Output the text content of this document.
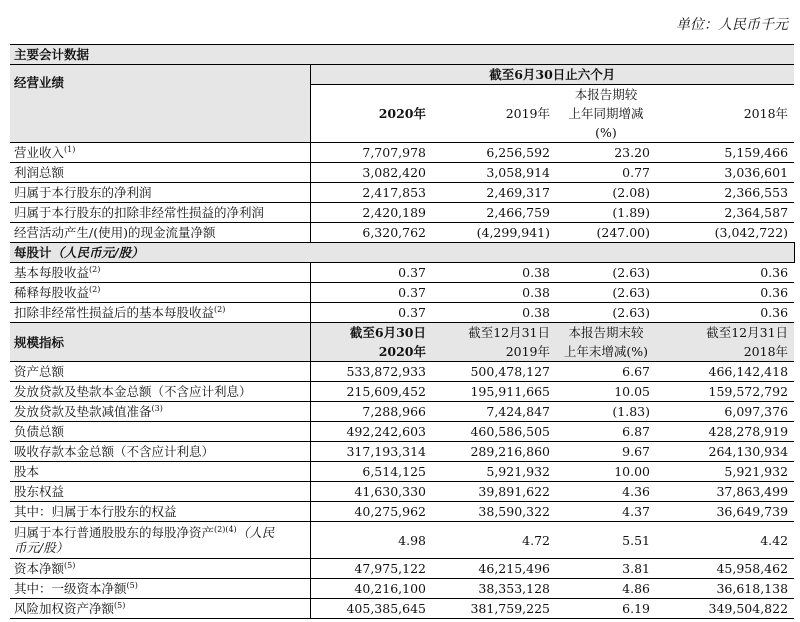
单位：人民币千元
主要会计数据				
经营业绩	截至6月30日止六个月			
			本报告期较	
	2020年	2019年	上年同期增减	2018年
			(%)	
营业收入$^{(1)}$	7,707,978	6,256,592	23.20	5,159,466
利润总额	3,082,420	3,058,914	0.77	3,036,601
归属于本行股东的净利润	2,417,853	2,469,317	(2.08)	2,366,553
归属于本行股东的扣除非经常性损益的净利润	2,420,189	2,466,759	(1.89)	2,364,587
经营活动产生/(使用)的现金流量净额	6,320,762	(4,299,941)	(247.00)	(3,042,722)
每股计（人民币元/股）				
基本每股收益$^{(2)}$	0.37	0.38	(2.63)	0.36
稀释每股收益$^{(2)}$	0.37	0.38	(2.63)	0.36
扣除非经常性损益后的基本每股收益$^{(2)}$	0.37	0.38	(2.63)	0.36
规模指标	截至6月30日	截至12月31日	本报告期末较	截至12月31日
	2020年	2019年	上年末增减(%)	2018年
资产总额	533,872,933	500,478,127	6.67	466,142,418
发放贷款及垫款本金总额（不含应计利息）	215,609,452	195,911,665	10.05	159,572,792
发放贷款及垫款减值准备$^{(3)}$	7,288,966	7,424,847	(1.83)	6,097,376
负债总额	492,242,603	460,586,505	6.87	428,278,919
吸收存款本金总额（不含应计利息）	317,193,314	289,216,860	9.67	264,130,934
股本	6,514,125	5,921,932	10.00	5,921,932
股东权益	41,630,330	39,891,622	4.36	37,863,499
其中：归属于本行股东的权益	40,275,962	38,590,322	4.37	36,649,739
归属于本行普通股股东的每股净资产$^{(2)(4)}$（人民
币元/股）	4.98	4.72	5.51	4.42
资本净额$^{(5)}$	47,975,122	46,215,496	3.81	45,958,462
其中：一级资本净额$^{(5)}$	40,216,100	38,353,128	4.86	36,618,138
风险加权资产净额$^{(5)}$	405,385,645	381,759,225	6.19	349,504,822
